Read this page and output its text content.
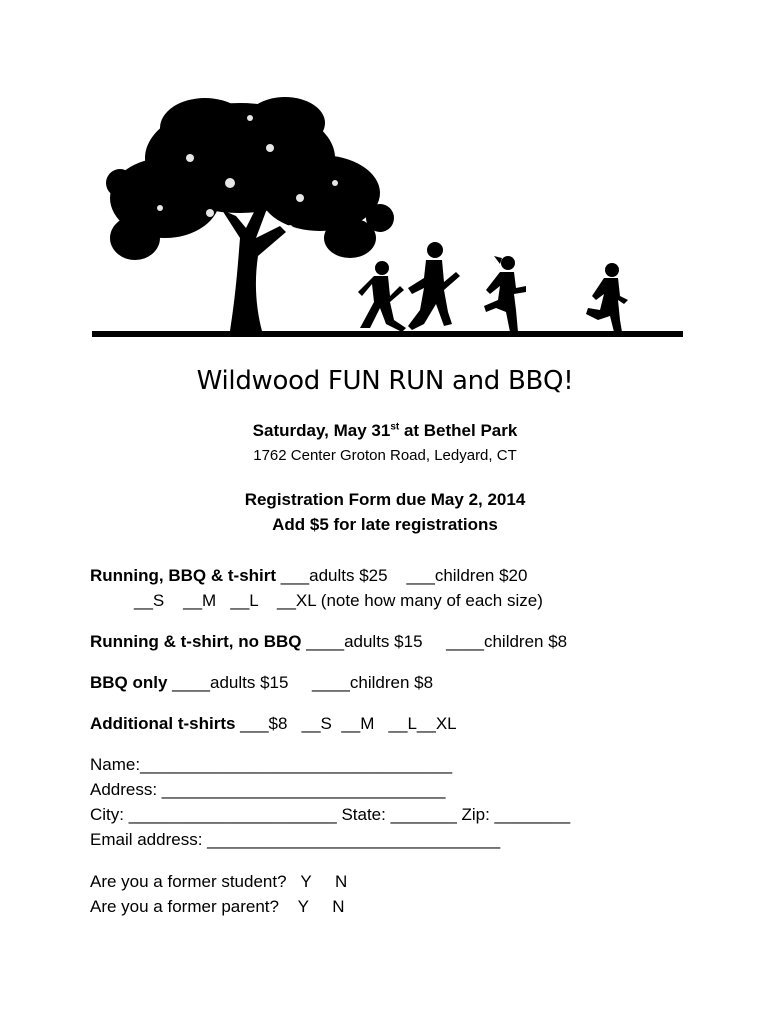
Wildwood FUN RUN and BBQ!
Saturday, May 31st at Bethel Park
1762 Center Groton Road, Ledyard, CT
Registration Form due May 2, 2014
Add $5 for late registrations
Running, BBQ & t-shirt ___adults $25    ___children $20
__S    __M   __L    __XL (note how many of each size)
Running & t-shirt, no BBQ ____adults $15     ____children $8
BBQ only ____adults $15     ____children $8
Additional t-shirts ___$8   __S  __M   __L__XL
Name:_________________________________
Address: ______________________________
City: ______________________ State: _______ Zip: ________
Email address: _______________________________
Are you a former student?   Y     N
Are you a former parent?    Y     N
